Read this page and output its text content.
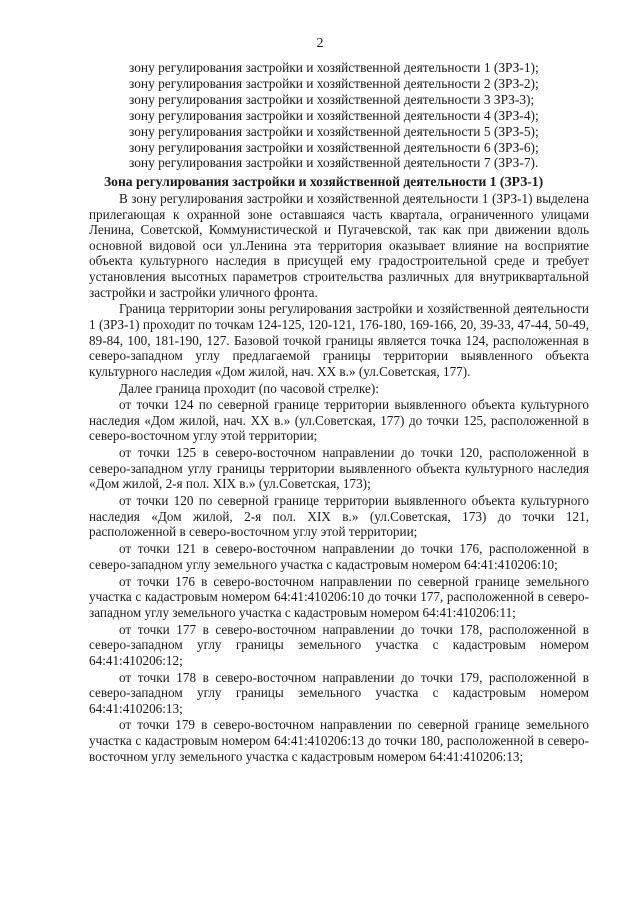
2
зону регулирования застройки и хозяйственной деятельности 1 (ЗРЗ-1);
зону регулирования застройки и хозяйственной деятельности 2 (ЗРЗ-2);
зону регулирования застройки и хозяйственной деятельности 3 ЗРЗ-3);
зону регулирования застройки и хозяйственной деятельности 4 (ЗРЗ-4);
зону регулирования застройки и хозяйственной деятельности 5 (ЗРЗ-5);
зону регулирования застройки и хозяйственной деятельности 6 (ЗРЗ-6);
зону регулирования застройки и хозяйственной деятельности 7 (ЗРЗ-7).
Зона регулирования застройки и хозяйственной деятельности 1 (ЗРЗ-1)

В зону регулирования застройки и хозяйственной деятельности 1 (ЗРЗ-1) выделена прилегающая к охранной зоне оставшаяся часть квартала, ограниченного улицами Ленина, Советской, Коммунистической и Пугачевской, так как при движении вдоль основной видовой оси ул.Ленина эта территория оказывает влияние на восприятие объекта культурного наследия в присущей ему градостроительной среде и требует установления высотных параметров строительства различных для внутриквартальной застройки и застройки уличного фронта.

Граница территории зоны регулирования застройки и хозяйственной деятельности 1 (ЗРЗ-1) проходит по точкам 124-125, 120-121, 176-180, 169-166, 20, 39-33, 47-44, 50-49, 89-84, 100, 181-190, 127. Базовой точкой границы является точка 124, расположенная в северо-западном углу предлагаемой границы территории выявленного объекта культурного наследия «Дом жилой, нач. XX в.» (ул.Советская, 177).

Далее граница проходит (по часовой стрелке):

от точки 124 по северной границе территории выявленного объекта культурного наследия «Дом жилой, нач. XX в.» (ул.Советская, 177) до точки 125, расположенной в северо-восточном углу этой территории;

от точки 125 в северо-восточном направлении до точки 120, расположенной в северо-западном углу границы территории выявленного объекта культурного наследия «Дом жилой, 2-я пол. XIX в.» (ул.Советская, 173);

от точки 120 по северной границе территории выявленного объекта культурного наследия «Дом жилой, 2-я пол. XIX в.» (ул.Советская, 173) до точки 121, расположенной в северо-восточном углу этой территории;

от точки 121 в северо-восточном направлении до точки 176, расположенной в северо-западном углу земельного участка с кадастровым номером 64:41:410206:10;

от точки 176 в северо-восточном направлении по северной границе земельного участка с кадастровым номером 64:41:410206:10 до точки 177, расположенной в северо-западном углу земельного участка с кадастровым номером 64:41:410206:11;

от точки 177 в северо-восточном направлении до точки 178, расположенной в северо-западном углу границы земельного участка с кадастровым номером 64:41:410206:12;

от точки 178 в северо-восточном направлении до точки 179, расположенной в северо-западном углу границы земельного участка с кадастровым номером 64:41:410206:13;

от точки 179 в северо-восточном направлении по северной границе земельного участка с кадастровым номером 64:41:410206:13 до точки 180, расположенной в северо-восточном углу земельного участка с кадастровым номером 64:41:410206:13;
